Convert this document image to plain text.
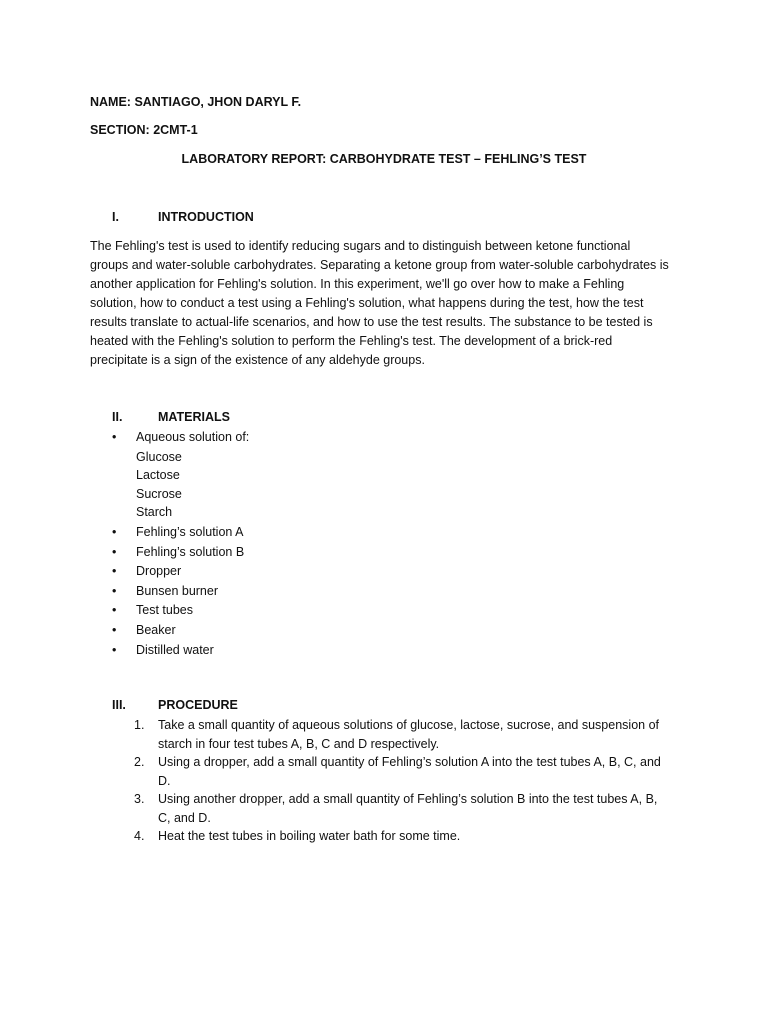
NAME: SANTIAGO, JHON DARYL F.
SECTION: 2CMT-1
LABORATORY REPORT: CARBOHYDRATE TEST – FEHLING’S TEST
I.	INTRODUCTION
The Fehling's test is used to identify reducing sugars and to distinguish between ketone functional
groups and water-soluble carbohydrates. Separating a ketone group from water-soluble carbohydrates is
another application for Fehling's solution. In this experiment, we'll go over how to make a Fehling
solution, how to conduct a test using a Fehling's solution, what happens during the test, how the test
results translate to actual-life scenarios, and how to use the test results. The substance to be tested is
heated with the Fehling's solution to perform the Fehling's test. The development of a brick-red
precipitate is a sign of the existence of any aldehyde groups.
II.	MATERIALS
•	Aqueous solution of:
Glucose
Lactose
Sucrose
Starch
•	Fehling’s solution A
•	Fehling’s solution B
•	Dropper
•	Bunsen burner
•	Test tubes
•	Beaker
•	Distilled water
III.	PROCEDURE
1.	Take a small quantity of aqueous solutions of glucose, lactose, sucrose, and suspension of
starch in four test tubes A, B, C and D respectively.
2.	Using a dropper, add a small quantity of Fehling’s solution A into the test tubes A, B, C, and
D.
3.	Using another dropper, add a small quantity of Fehling’s solution B into the test tubes A, B,
C, and D.
4.	Heat the test tubes in boiling water bath for some time.
